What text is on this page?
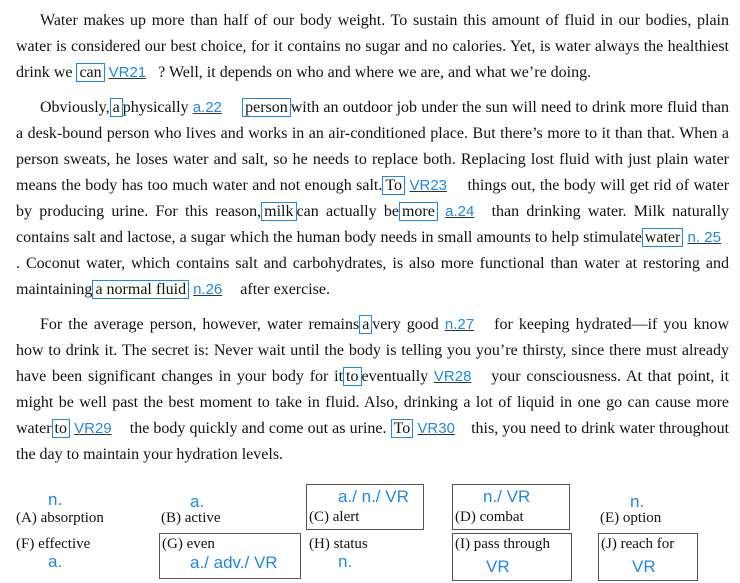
  Water makes up more than half of our body weight. To sustain this amount of fluid in our bodies, plain water is considered our best choice, for it contains no sugar and no calories. Yet, is water always the healthiest drink we can VR21 ? Well, it depends on who and where we are, and what we’re doing.

  Obviously, a physically a.22 person with an outdoor job under the sun will need to drink more fluid than a desk-bound person who lives and works in an air-conditioned place. But there’s more to it than that. When a person sweats, he loses water and salt, so he needs to replace both. Replacing lost fluid with just plain water means the body has too much water and not enough salt. To VR23 things out, the body will get rid of water by producing urine. For this reason, milk can actually be more a.24 than drinking water. Milk naturally contains salt and lactose, a sugar which the human body needs in small amounts to help stimulate water n. 25. Coconut water, which contains salt and carbohydrates, is also more functional than water at restoring and maintaining a normal fluid n.26 after exercise.

  For the average person, however, water remains a very good n.27 for keeping hydrated—if you know how to drink it. The secret is: Never wait until the body is telling you you’re thirsty, since there must already have been significant changes in your body for it to eventually VR28 your consciousness. At that point, it might be well past the best moment to take in fluid. Also, drinking a lot of liquid in one go can cause more water to VR29 the body quickly and come out as urine. To VR30 this, you need to drink water throughout the day to maintain your hydration levels.

n.
(A) absorption
a.
(B) active
a./ n./ VR
(C) alert
n./ VR
(D) combat
n.
(E) option
(F) effective
a.
(G) even
a./ adv./ VR
(H) status
n.
(I) pass through
VR
(J) reach for
VR
